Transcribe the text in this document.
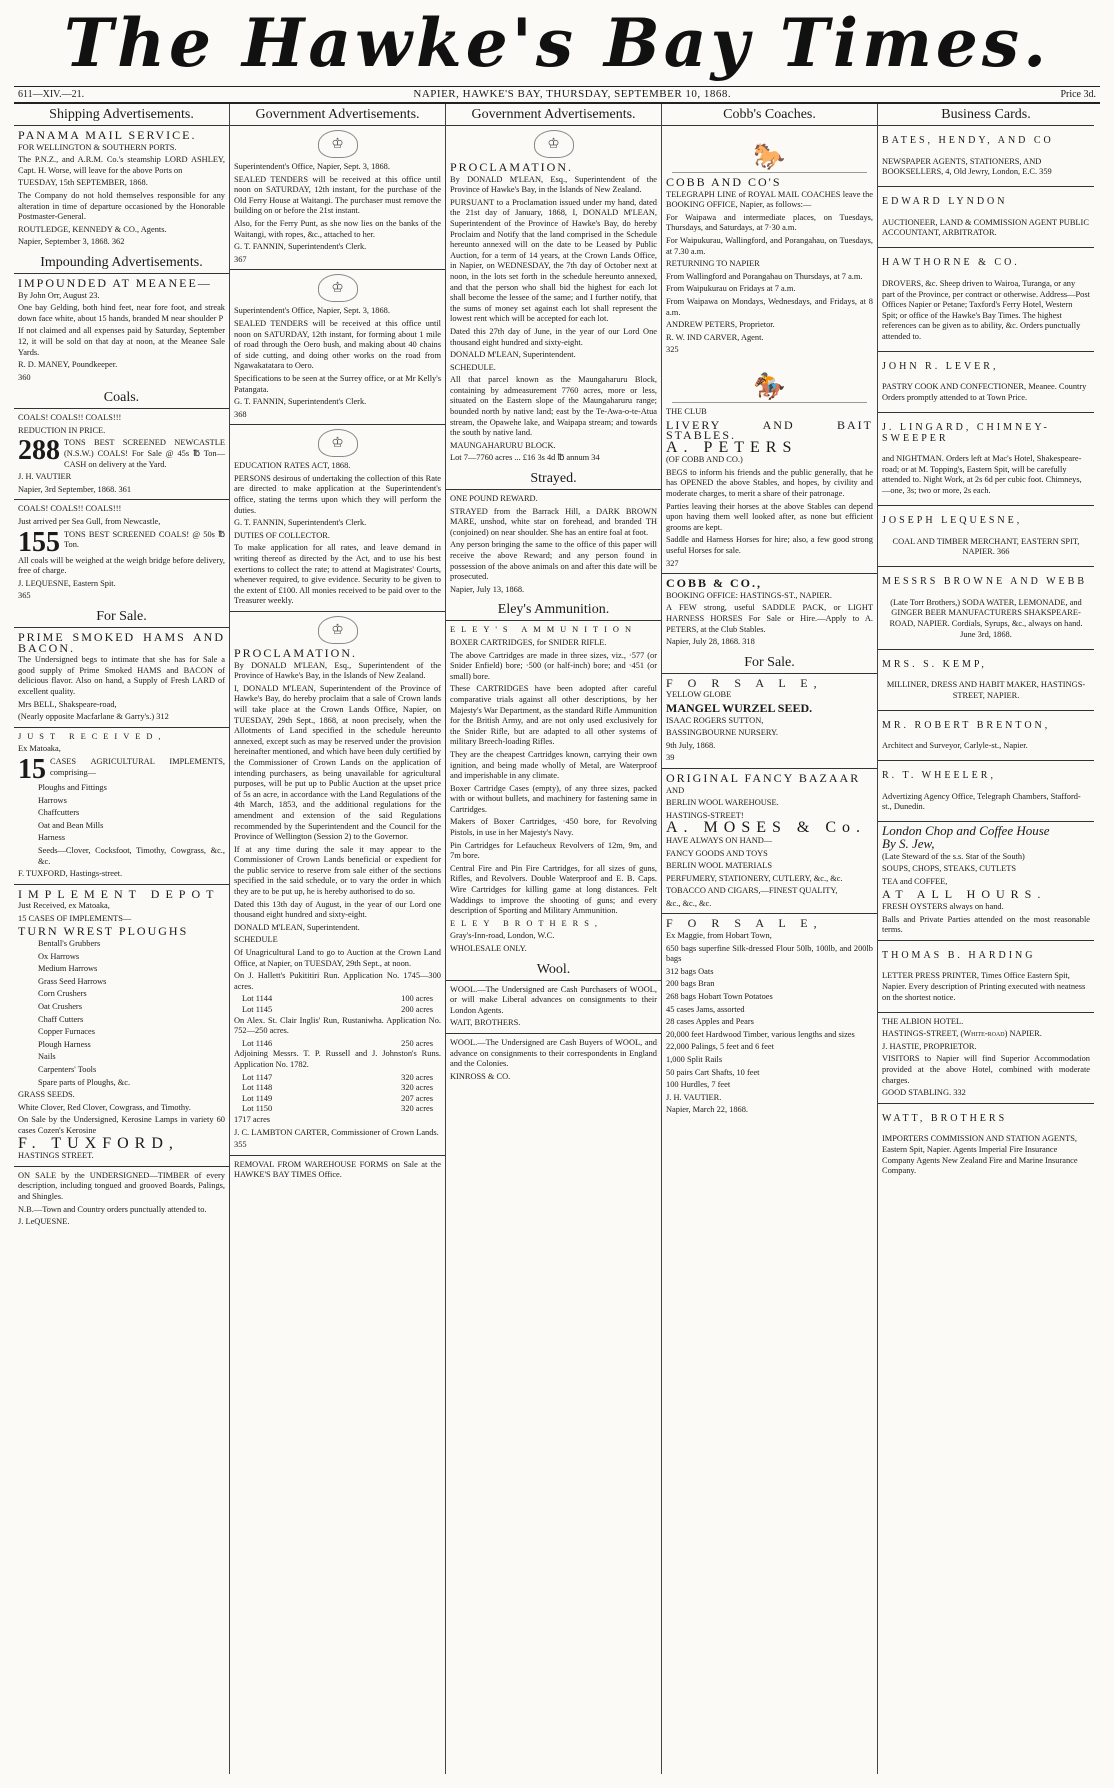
The Hawke's Bay Times.
611—XIV.—21.	NAPIER, HAWKE'S BAY, THURSDAY, SEPTEMBER 10, 1868.	Price 3d.
Shipping Advertisements.

PANAMA MAIL SERVICE.

FOR WELLINGTON & SOUTHERN PORTS.

The P.N.Z., and A.R.M. Co.'s steamship LORD ASHLEY, Capt. H. Worse, will leave for the above Ports on

TUESDAY, 15th SEPTEMBER, 1868.

The Company do not hold themselves responsible for any alteration in time of departure occasioned by the Honorable Postmaster-General.

ROUTLEDGE, KENNEDY & CO., Agents.

Napier, September 3, 1868. 362

Impounding Advertisements.

IMPOUNDED AT MEANEE—

By John Orr, August 23.

One bay Gelding, both hind feet, near fore foot, and streak down face white, about 15 hands, branded M near shoulder P

If not claimed and all expenses paid by Saturday, September 12, it will be sold on that day at noon, at the Meanee Sale Yards.

R. D. MANEY, Poundkeeper.

360

Coals.

COALS! COALS!! COALS!!!

REDUCTION IN PRICE.

288 TONS BEST SCREENED NEWCASTLE (N.S.W.) COALS! For Sale @ 45s ℔ Ton—CASH on delivery at the Yard.

J. H. VAUTIER

Napier, 3rd September, 1868. 361

COALS! COALS!! COALS!!!

Just arrived per Sea Gull, from Newcastle,

155 TONS BEST SCREENED COALS! @ 50s ℔ Ton.

All coals will be weighed at the weigh bridge before delivery, free of charge.

J. LEQUESNE, Eastern Spit.

365

For Sale.

PRIME SMOKED HAMS AND BACON.

The Undersigned begs to intimate that she has for Sale a good supply of Prime Smoked HAMS and BACON of delicious flavor. Also on hand, a Supply of Fresh LARD of excellent quality.

Mrs BELL, Shakspeare-road,

(Nearly opposite Macfarlane & Garry's.) 312

JUST RECEIVED,

Ex Matoaka,

15 CASES AGRICULTURAL IMPLEMENTS, comprising—

Ploughs and Fittings

Harrows

Chaffcutters

Oat and Bean Mills

Harness

Seeds—Clover, Cocksfoot, Timothy, Cowgrass, &c., &c.

F. TUXFORD, Hastings-street.

IMPLEMENT DEPOT

Just Received, ex Matoaka,

15 CASES OF IMPLEMENTS—

TURN WREST PLOUGHS

Bentall's Grubbers

Ox Harrows

Medium Harrows

Grass Seed Harrows

Corn Crushers

Oat Crushers

Chaff Cutters

Copper Furnaces

Plough Harness

Nails

Carpenters' Tools

Spare parts of Ploughs, &c.

GRASS SEEDS.

White Clover, Red Clover, Cowgrass, and Timothy.

On Sale by the Undersigned, Kerosine Lamps in variety 60 cases Cozen's Kerosine

F. TUXFORD,

HASTINGS STREET.

ON SALE by the UNDERSIGNED—TIMBER of every description, including tongued and grooved Boards, Palings, and Shingles.

N.B.—Town and Country orders punctually attended to.

J. LeQUESNE.

Government Advertisements.
♔

Superintendent's Office, Napier, Sept. 3, 1868.

SEALED TENDERS will be received at this office until noon on SATURDAY, 12th instant, for the purchase of the Old Ferry House at Waitangi. The purchaser must remove the building on or before the 21st instant.

Also, for the Ferry Punt, as she now lies on the banks of the Waitangi, with ropes, &c., attached to her.

G. T. FANNIN, Superintendent's Clerk.

367

♔

Superintendent's Office, Napier, Sept. 3, 1868.

SEALED TENDERS will be received at this office until noon on SATURDAY, 12th instant, for forming about 1 mile of road through the Oero bush, and making about 40 chains of side cutting, and doing other works on the road from Ngawakatatara to Oero.

Specifications to be seen at the Surrey office, or at Mr Kelly's Patangata.

G. T. FANNIN, Superintendent's Clerk.

368

♔

EDUCATION RATES ACT, 1868.

PERSONS desirous of undertaking the collection of this Rate are directed to make application at the Superintendent's office, stating the terms upon which they will perform the duties.

G. T. FANNIN, Superintendent's Clerk.

DUTIES OF COLLECTOR.

To make application for all rates, and leave demand in writing thereof as directed by the Act, and to use his best exertions to collect the rate; to attend at Magistrates' Courts, whenever required, to give evidence. Security to be given to the extent of £100. All monies received to be paid over to the Treasurer weekly.

♔

PROCLAMATION.

By DONALD M'LEAN, Esq., Superintendent of the Province of Hawke's Bay, in the Islands of New Zealand.

I, DONALD M'LEAN, Superintendent of the Province of Hawke's Bay, do hereby proclaim that a sale of Crown lands will take place at the Crown Lands Office, Napier, on TUESDAY, 29th Sept., 1868, at noon precisely, when the Allotments of Land specified in the schedule hereunto annexed, except such as may be reserved under the provision hereinafter mentioned, and which have been duly certified by the Commissioner of Crown Lands on the application of intending purchasers, as being unavailable for agricultural purposes, will be put up to Public Auction at the upset price of 5s an acre, in accordance with the Land Regulations of the 4th March, 1853, and the additional regulations for the amendment and extension of the said Regulations recommended by the Superintendent and the Council for the Province of Wellington (Session 2) to the Governor.

If at any time during the sale it may appear to the Commissioner of Crown Lands beneficial or expedient for the public service to reserve from sale either of the sections specified in the said schedule, or to vary the order in which they are to be put up, he is hereby authorised to do so.

Dated this 13th day of August, in the year of our Lord one thousand eight hundred and sixty-eight.

DONALD M'LEAN, Superintendent.

SCHEDULE

Of Unagricultural Land to go to Auction at the Crown Land Office, at Napier, on TUESDAY, 29th Sept., at noon.

On J. Hallett's Pukititiri Run. Application No. 1745—300 acres.

Lot 1144	100 acres
Lot 1145	200 acres

On Alex. St. Clair Inglis' Run, Rustaniwha. Application No. 752—250 acres.

Lot 1146	250 acres

Adjoining Messrs. T. P. Russell and J. Johnston's Runs. Application No. 1782.

Lot 1147	320 acres
Lot 1148	320 acres
Lot 1149	207 acres
Lot 1150	320 acres

1717 acres

J. C. LAMBTON CARTER, Commissioner of Crown Lands.

355

REMOVAL FROM WAREHOUSE FORMS on Sale at the HAWKE'S BAY TIMES Office.

Government Advertisements.
♔

PROCLAMATION.

By DONALD M'LEAN, Esq., Superintendent of the Province of Hawke's Bay, in the Islands of New Zealand.

PURSUANT to a Proclamation issued under my hand, dated the 21st day of January, 1868, I, DONALD M'LEAN, Superintendent of the Province of Hawke's Bay, do hereby Proclaim and Notify that the land comprised in the Schedule hereunto annexed will on the date to be Leased by Public Auction, for a term of 14 years, at the Crown Lands Office, in Napier, on WEDNESDAY, the 7th day of October next at noon, in the lots set forth in the schedule hereunto annexed, and that the person who shall bid the highest for each lot shall become the lessee of the same; and I further notify, that the sums of money set against each lot shall represent the lowest rent which will be accepted for each lot.

Dated this 27th day of June, in the year of our Lord One thousand eight hundred and sixty-eight.

DONALD M'LEAN, Superintendent.

SCHEDULE.

All that parcel known as the Maungaharuru Block, containing by admeasurement 7760 acres, more or less, situated on the Eastern slope of the Maungaharuru range; bounded north by native land; east by the Te-Awa-o-te-Atua stream, the Opawehe lake, and Waipapa stream; and towards the south by native land.

MAUNGAHARURU BLOCK.

Lot 7—7760 acres ... £16 3s 4d ℔ annum 34

Strayed.

ONE POUND REWARD.

STRAYED from the Barrack Hill, a DARK BROWN MARE, unshod, white star on forehead, and branded TH (conjoined) on near shoulder. She has an entire foal at foot.

Any person bringing the same to the office of this paper will receive the above Reward; and any person found in possession of the above animals on and after this date will be prosecuted.

Napier, July 13, 1868.

Eley's Ammunition.

ELEY'S AMMUNITION

BOXER CARTRIDGES, for SNIDER RIFLE.

The above Cartridges are made in three sizes, viz., ·577 (or Snider Enfield) bore; ·500 (or half-inch) bore; and ·451 (or small) bore.

These CARTRIDGES have been adopted after careful comparative trials against all other descriptions, by her Majesty's War Department, as the standard Rifle Ammunition for the British Army, and are not only used exclusively for the Snider Rifle, but are adapted to all other systems of military Breech-loading Rifles.

They are the cheapest Cartridges known, carrying their own ignition, and being made wholly of Metal, are Waterproof and imperishable in any climate.

Boxer Cartridge Cases (empty), of any three sizes, packed with or without bullets, and machinery for fastening same in Cartridges.

Makers of Boxer Cartridges, ·450 bore, for Revolving Pistols, in use in her Majesty's Navy.

Pin Cartridges for Lefaucheux Revolvers of 12m, 9m, and 7m bore.

Central Fire and Pin Fire Cartridges, for all sizes of guns, Rifles, and Revolvers. Double Waterproof and E. B. Caps. Wire Cartridges for killing game at long distances. Felt Waddings to improve the shooting of guns; and every description of Sporting and Military Ammunition.

ELEY BROTHERS,

Gray's-Inn-road, London, W.C.

WHOLESALE ONLY.

Wool.

WOOL.—The Undersigned are Cash Purchasers of WOOL, or will make Liberal advances on consignments to their London Agents.

WAIT, BROTHERS.

WOOL.—The Undersigned are Cash Buyers of WOOL, and advance on consignments to their correspondents in England and the Colonies.

KINROSS & CO.

Cobb's Coaches.
🐎

COBB AND CO'S

TELEGRAPH LINE of ROYAL MAIL COACHES leave the BOOKING OFFICE, Napier, as follows:—

For Waipawa and intermediate places, on Tuesdays, Thursdays, and Saturdays, at 7·30 a.m.

For Waipukurau, Wallingford, and Porangahau, on Tuesdays, at 7.30 a.m.

RETURNING TO NAPIER

From Wallingford and Porangahau on Thursdays, at 7 a.m.

From Waipukurau on Fridays at 7 a.m.

From Waipawa on Mondays, Wednesdays, and Fridays, at 8 a.m.

ANDREW PETERS, Proprietor.

R. W. IND CARVER, Agent.

325

🏇

THE CLUB

LIVERY AND BAIT STABLES.

A. PETERS

(OF COBB AND CO.)

BEGS to inform his friends and the public generally, that he has OPENED the above Stables, and hopes, by civility and moderate charges, to merit a share of their patronage.

Parties leaving their horses at the above Stables can depend upon having them well looked after, as none but efficient grooms are kept.

Saddle and Harness Horses for hire; also, a few good strong useful Horses for sale.

327

COBB & CO.,

BOOKING OFFICE: HASTINGS-ST., NAPIER.

A FEW strong, useful SADDLE PACK, or LIGHT HARNESS HORSES For Sale or Hire.—Apply to A. PETERS, at the Club Stables.

Napier, July 28, 1868. 318

For Sale.

F O R S A L E,

YELLOW GLOBE

MANGEL WURZEL SEED.

ISAAC ROGERS SUTTON,

BASSINGBOURNE NURSERY.

9th July, 1868.

39

ORIGINAL FANCY BAZAAR

AND

BERLIN WOOL WAREHOUSE.

HASTINGS-STREET!

A. MOSES & Co.

HAVE ALWAYS ON HAND—

FANCY GOODS AND TOYS

BERLIN WOOL MATERIALS

PERFUMERY, STATIONERY, CUTLERY, &c., &c.

TOBACCO AND CIGARS,—FINEST QUALITY,

&c., &c., &c.

F O R S A L E,

Ex Maggie, from Hobart Town,

650 bags superfine Silk-dressed Flour 50lb, 100lb, and 200lb bags

312 bags Oats

200 bags Bran

268 bags Hobart Town Potatoes

45 cases Jams, assorted

28 cases Apples and Pears

20,000 feet Hardwood Timber, various lengths and sizes

22,000 Palings, 5 feet and 6 feet

1,000 Split Rails

50 pairs Cart Shafts, 10 feet

100 Hurdles, 7 feet

J. H. VAUTIER.

Napier, March 22, 1868.

Business Cards.

BATES, HENDY, AND CO

NEWSPAPER AGENTS, STATIONERS, AND BOOKSELLERS, 4, Old Jewry, London, E.C. 359

EDWARD LYNDON

AUCTIONEER, LAND & COMMISSION AGENT PUBLIC ACCOUNTANT, ARBITRATOR.

HAWTHORNE & CO.

DROVERS, &c. Sheep driven to Wairoa, Turanga, or any part of the Province, per contract or otherwise. Address—Post Offices Napier or Petane; Taxford's Ferry Hotel, Western Spit; or office of the Hawke's Bay Times. The highest references can be given as to ability, &c. Orders punctually attended to.

JOHN R. LEVER,

PASTRY COOK AND CONFECTIONER, Meanee. Country Orders promptly attended to at Town Price.

J. LINGARD, CHIMNEY-SWEEPER

and NIGHTMAN. Orders left at Mac's Hotel, Shakespeare-road; or at M. Topping's, Eastern Spit, will be carefully attended to. Night Work, at 2s 6d per cubic foot. Chimneys,—one, 3s; two or more, 2s each.

JOSEPH LEQUESNE,

COAL AND TIMBER MERCHANT, EASTERN SPIT, NAPIER. 366

MESSRS BROWNE AND WEBB

(Late Torr Brothers,) SODA WATER, LEMONADE, and GINGER BEER MANUFACTURERS SHAKSPEARE-ROAD, NAPIER. Cordials, Syrups, &c., always on hand. June 3rd, 1868.

MRS. S. KEMP,

MILLINER, DRESS AND HABIT MAKER, HASTINGS-STREET, NAPIER.

MR. ROBERT BRENTON,

Architect and Surveyor, Carlyle-st., Napier.

R. T. WHEELER,

Advertizing Agency Office, Telegraph Chambers, Stafford-st., Dunedin.

London Chop and Coffee House

By S. Jew,

(Late Steward of the s.s. Star of the South)

SOUPS, CHOPS, STEAKS, CUTLETS

TEA and COFFEE,

AT ALL HOURS.

FRESH OYSTERS always on hand.

Balls and Private Parties attended on the most reasonable terms.

THOMAS B. HARDING

LETTER PRESS PRINTER, Times Office Eastern Spit, Napier. Every description of Printing executed with neatness on the shortest notice.

THE ALBION HOTEL.

HASTINGS-STREET, (White-road) NAPIER.

J. HASTIE, PROPRIETOR.

VISITORS to Napier will find Superior Accommodation provided at the above Hotel, combined with moderate charges.

GOOD STABLING. 332

WATT, BROTHERS

IMPORTERS COMMISSION AND STATION AGENTS, Eastern Spit, Napier. Agents Imperial Fire Insurance Company Agents New Zealand Fire and Marine Insurance Company.
